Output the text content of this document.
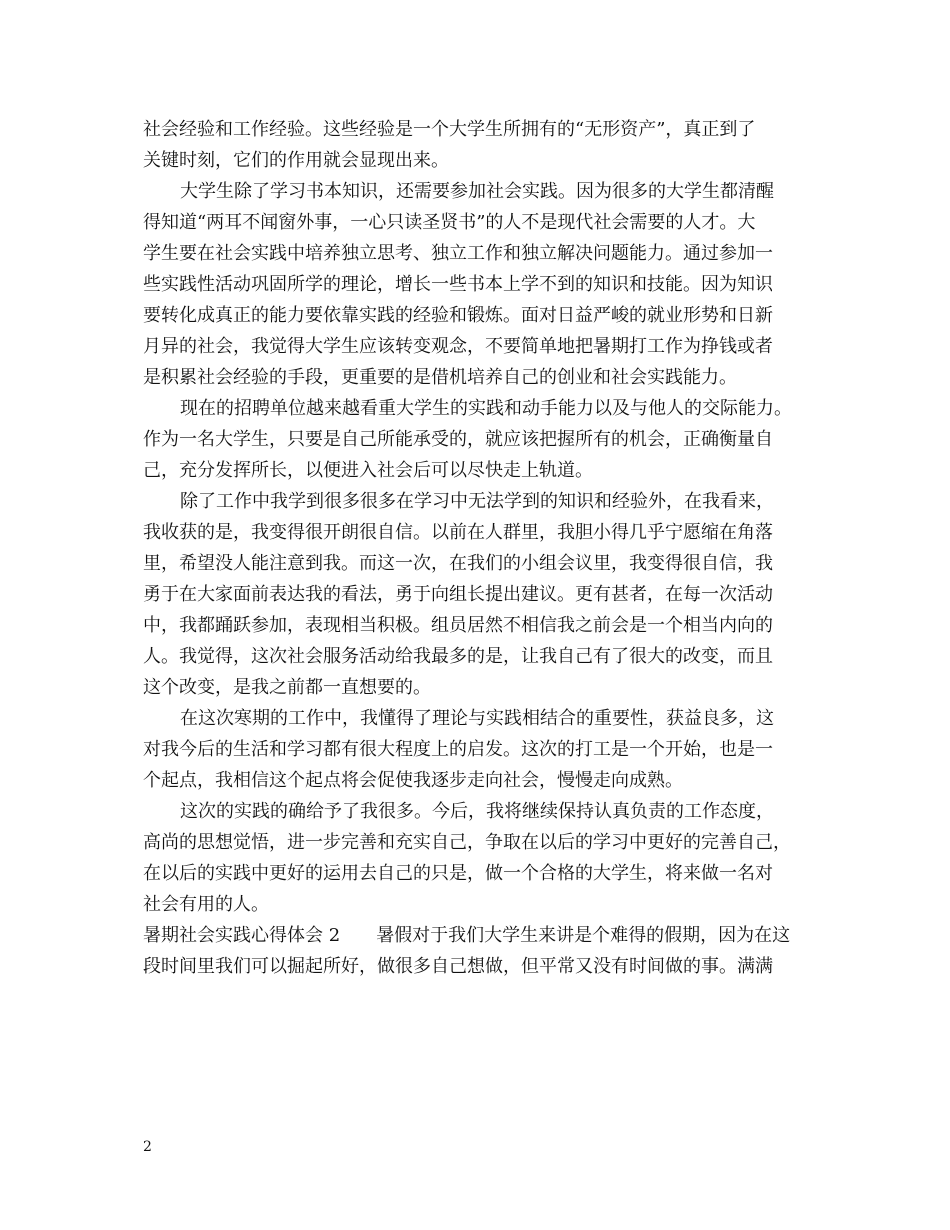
社会经验和工作经验。这些经验是一个大学生所拥有的“无形资产”，真正到了
关键时刻，它们的作用就会显现出来。
大学生除了学习书本知识，还需要参加社会实践。因为很多的大学生都清醒
得知道“两耳不闻窗外事，一心只读圣贤书”的人不是现代社会需要的人才。大
学生要在社会实践中培养独立思考、独立工作和独立解决问题能力。通过参加一
些实践性活动巩固所学的理论，增长一些书本上学不到的知识和技能。因为知识
要转化成真正的能力要依靠实践的经验和锻炼。面对日益严峻的就业形势和日新
月异的社会，我觉得大学生应该转变观念，不要简单地把暑期打工作为挣钱或者
是积累社会经验的手段，更重要的是借机培养自己的创业和社会实践能力。
现在的招聘单位越来越看重大学生的实践和动手能力以及与他人的交际能力。
作为一名大学生，只要是自己所能承受的，就应该把握所有的机会，正确衡量自
己，充分发挥所长，以便进入社会后可以尽快走上轨道。
除了工作中我学到很多很多在学习中无法学到的知识和经验外，在我看来，
我收获的是，我变得很开朗很自信。以前在人群里，我胆小得几乎宁愿缩在角落
里，希望没人能注意到我。而这一次，在我们的小组会议里，我变得很自信，我
勇于在大家面前表达我的看法，勇于向组长提出建议。更有甚者，在每一次活动
中，我都踊跃参加，表现相当积极。组员居然不相信我之前会是一个相当内向的
人。我觉得，这次社会服务活动给我最多的是，让我自己有了很大的改变，而且
这个改变，是我之前都一直想要的。
在这次寒期的工作中，我懂得了理论与实践相结合的重要性，获益良多，这
对我今后的生活和学习都有很大程度上的启发。这次的打工是一个开始，也是一
个起点，我相信这个起点将会促使我逐步走向社会，慢慢走向成熟。
这次的实践的确给予了我很多。今后，我将继续保持认真负责的工作态度，
高尚的思想觉悟，进一步完善和充实自己，争取在以后的学习中更好的完善自己，
在以后的实践中更好的运用去自己的只是，做一个合格的大学生，将来做一名对
社会有用的人。
暑期社会实践心得体会 2 暑假对于我们大学生来讲是个难得的假期，因为在这
段时间里我们可以掘起所好，做很多自己想做，但平常又没有时间做的事。满满
2
